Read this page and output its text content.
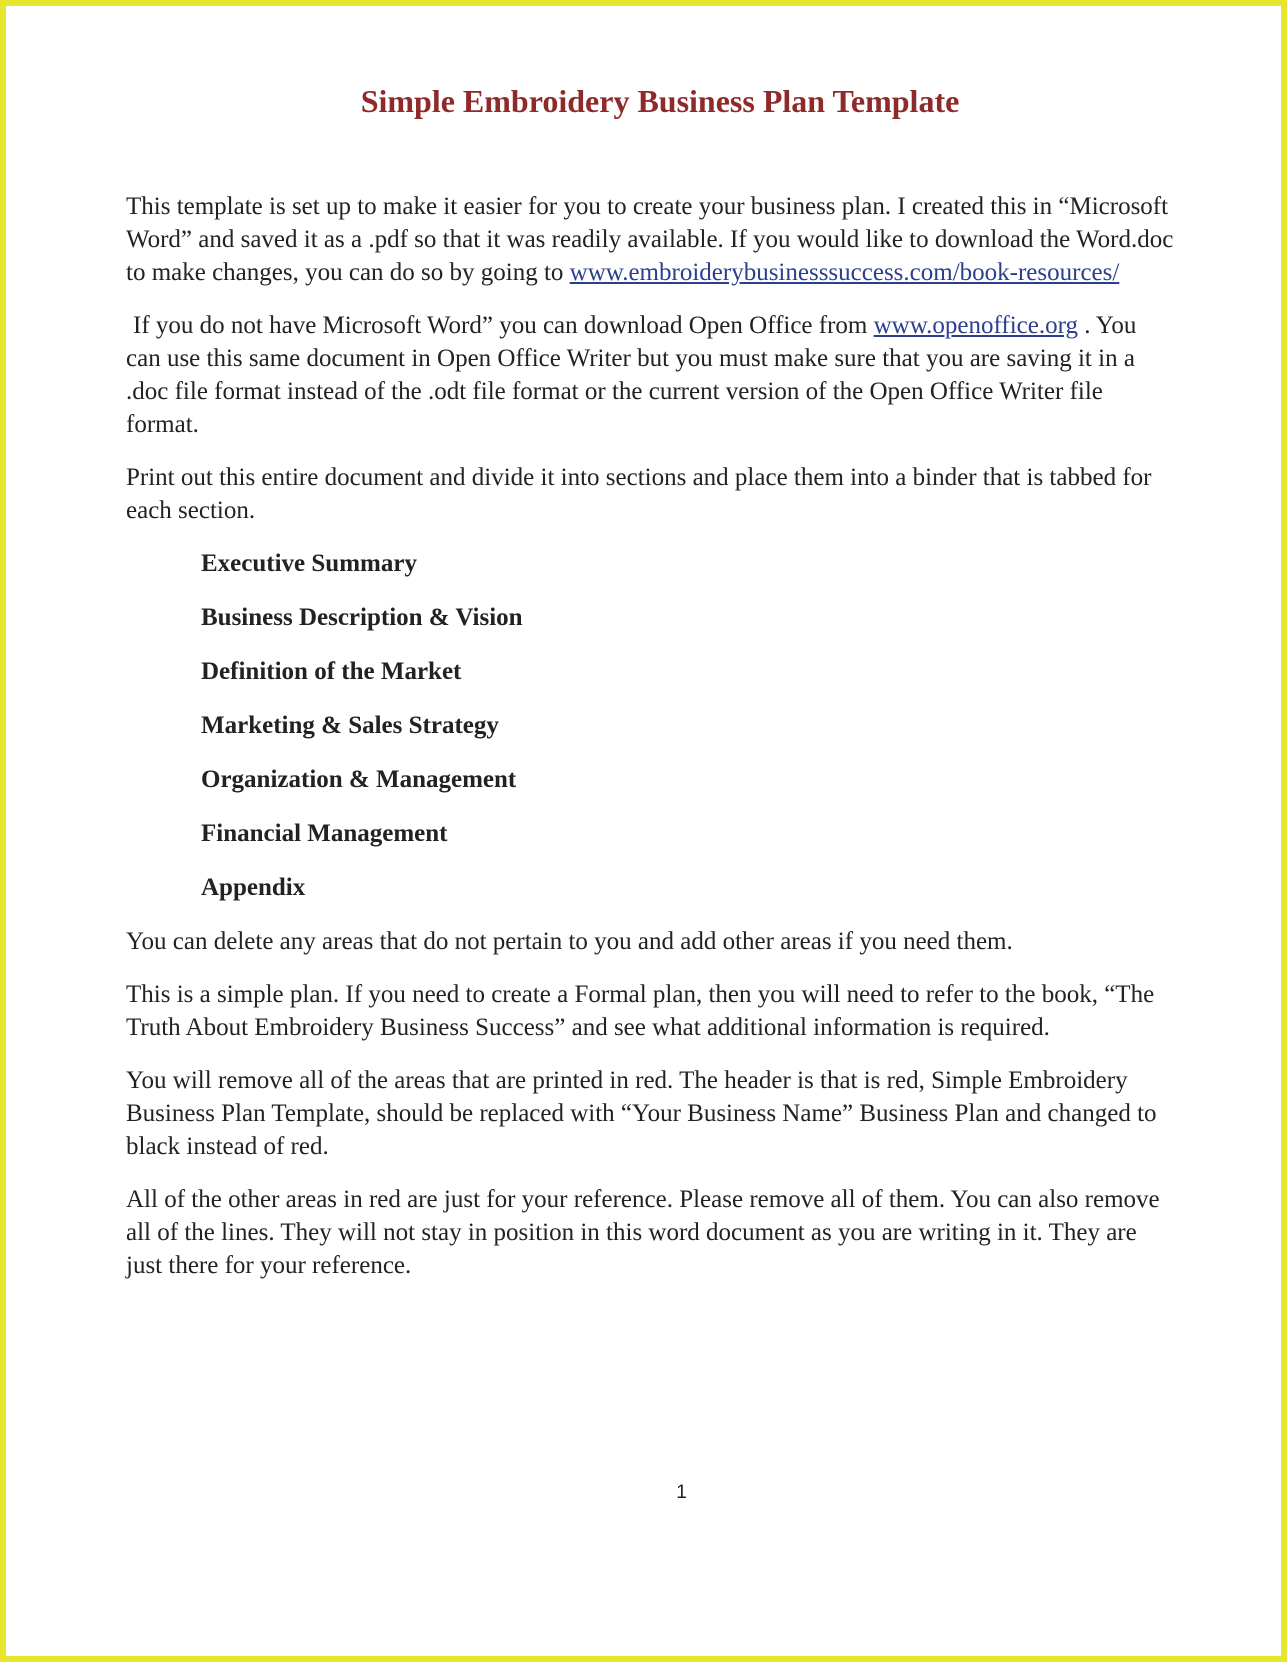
Simple Embroidery Business Plan Template

This template is set up to make it easier for you to create your business plan. I created this in “Microsoft Word” and saved it as a .pdf so that it was readily available. If you would like to download the Word.doc to make changes, you can do so by going to www.embroiderybusinesssuccess.com/book-resources/

If you do not have Microsoft Word” you can download Open Office from www.openoffice.org . You can use this same document in Open Office Writer but you must make sure that you are saving it in a .doc file format instead of the .odt file format or the current version of the Open Office Writer file format.

Print out this entire document and divide it into sections and place them into a binder that is tabbed for each section.

Executive Summary
Business Description & Vision
Definition of the Market
Marketing & Sales Strategy
Organization & Management
Financial Management
Appendix

You can delete any areas that do not pertain to you and add other areas if you need them.

This is a simple plan. If you need to create a Formal plan, then you will need to refer to the book, “The Truth About Embroidery Business Success” and see what additional information is required.

You will remove all of the areas that are printed in red. The header is that is red, Simple Embroidery Business Plan Template, should be replaced with “Your Business Name” Business Plan and changed to black instead of red.

All of the other areas in red are just for your reference. Please remove all of them. You can also remove all of the lines. They will not stay in position in this word document as you are writing in it. They are just there for your reference.

1
